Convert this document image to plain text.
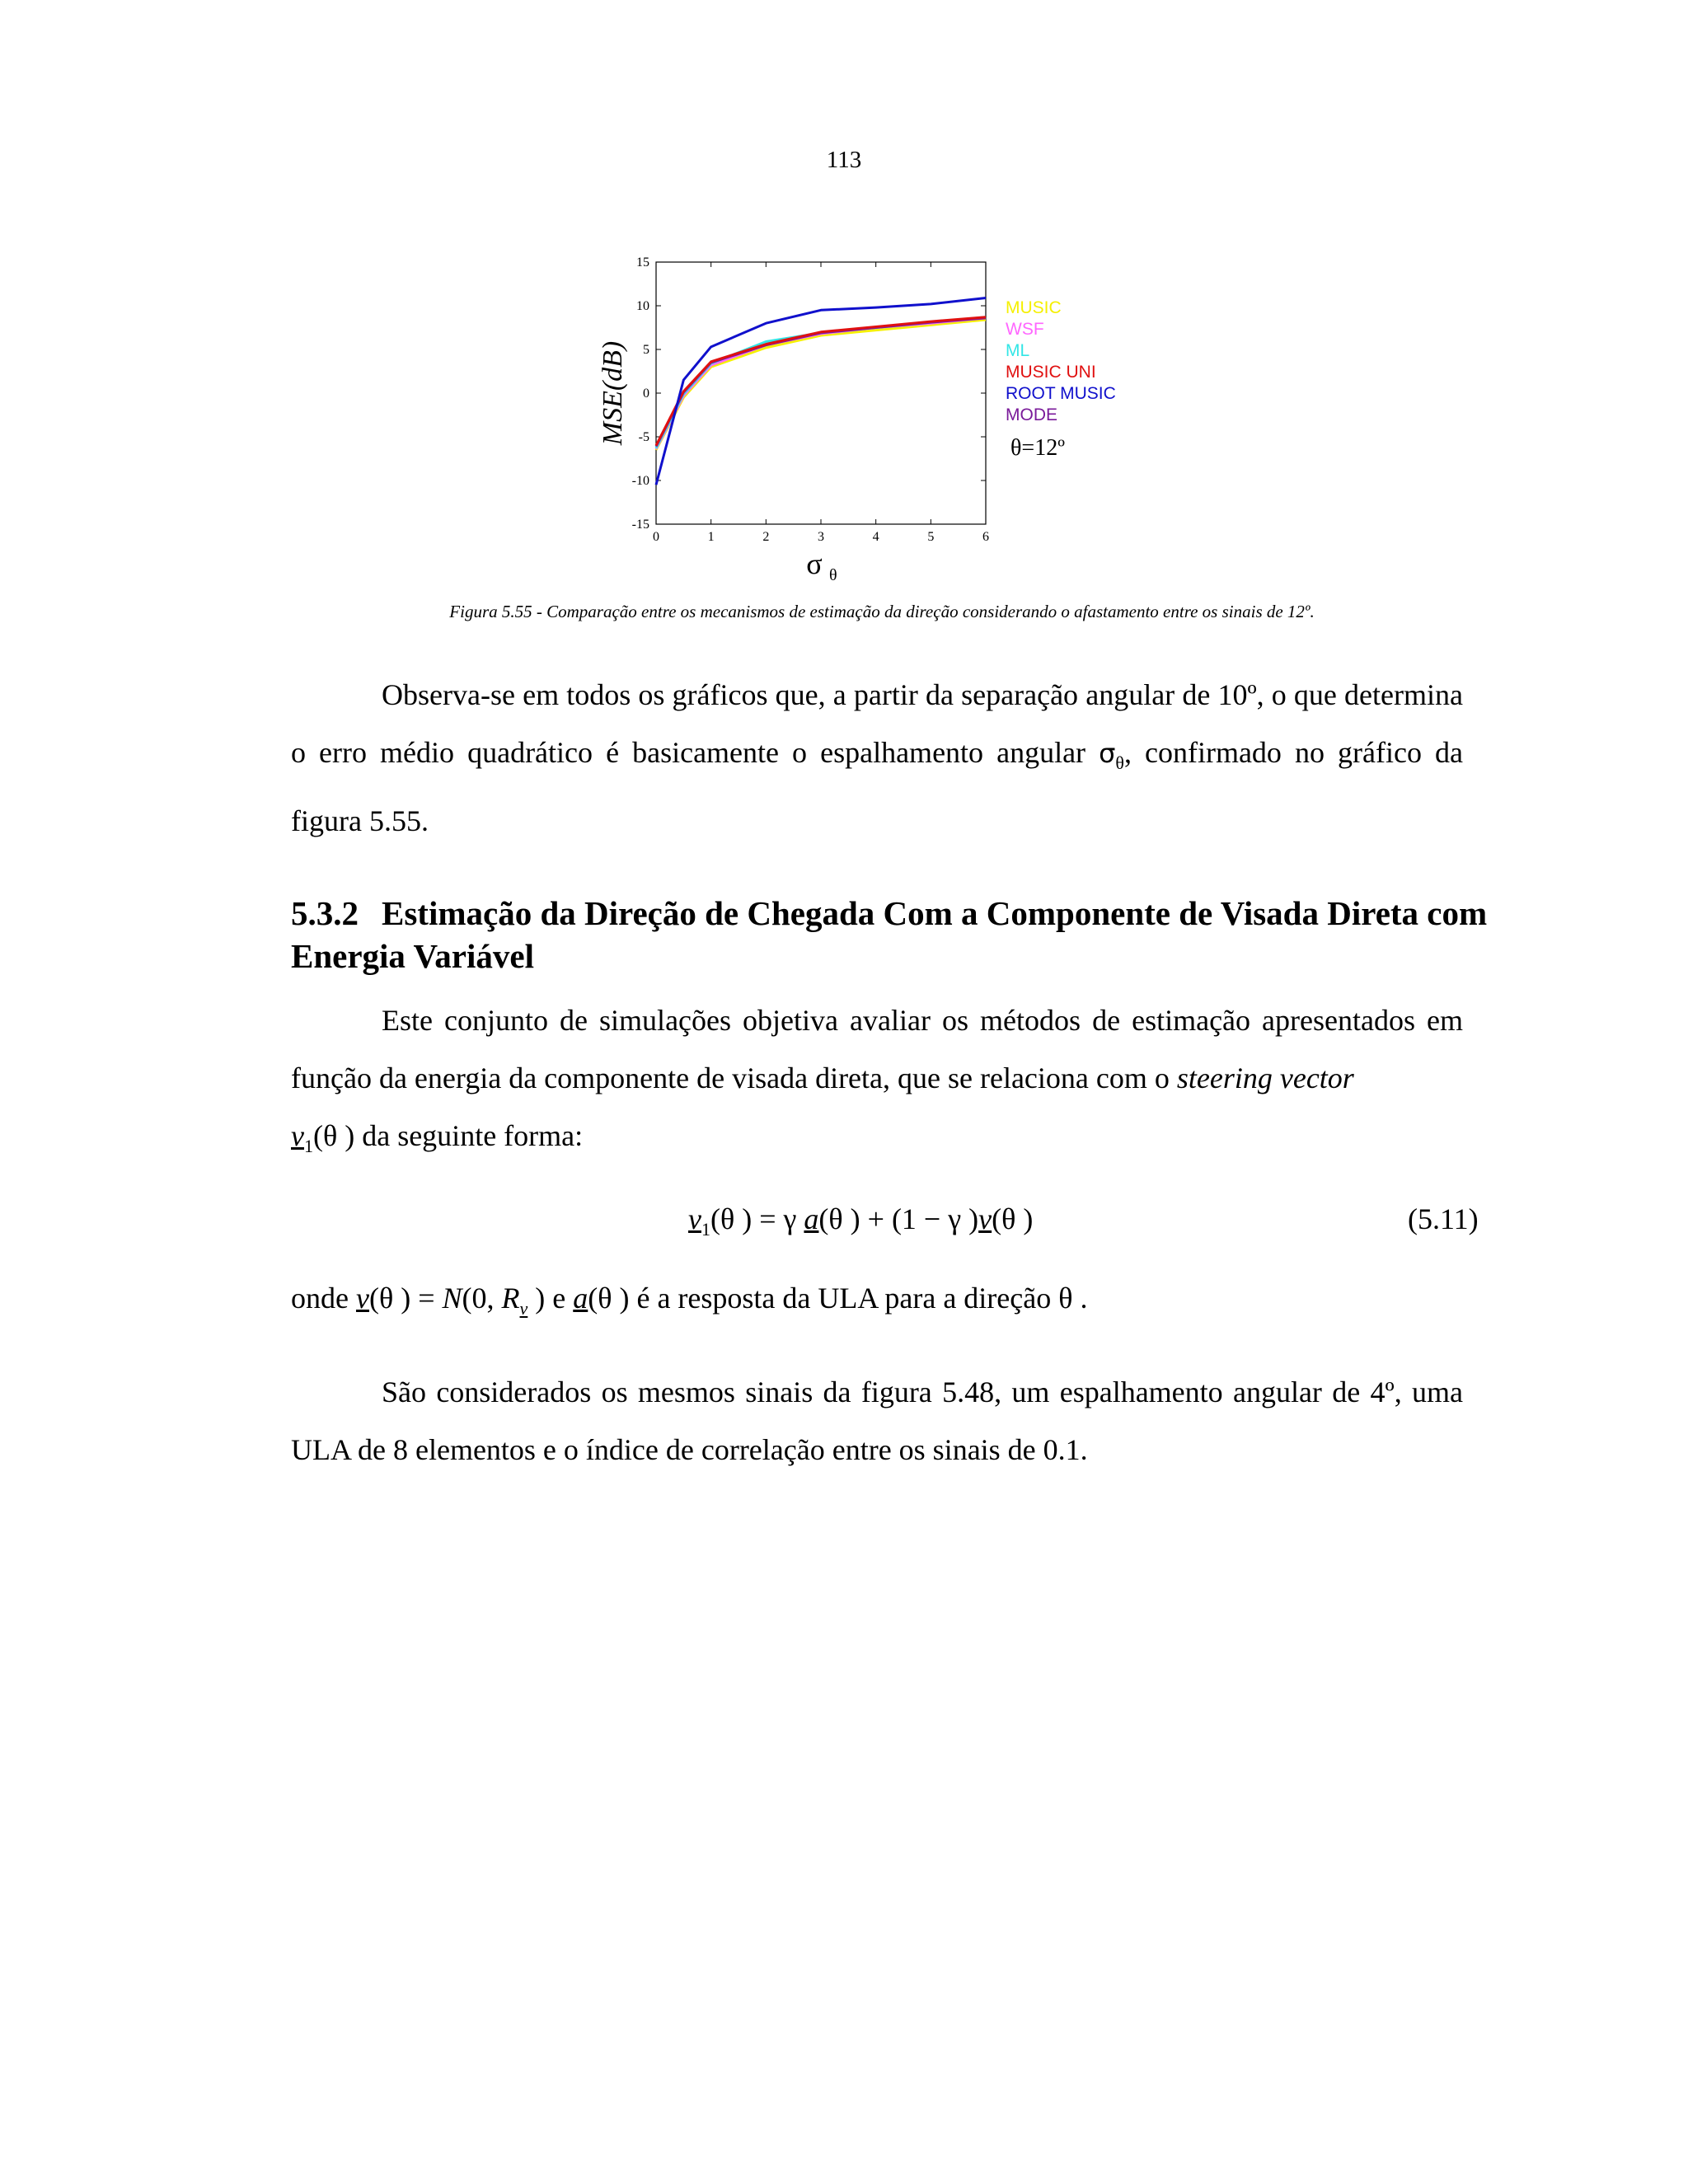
113
0	1	2	3	4	5	6
15
10
5
0
-5
-10
-15
MUSIC
WSF
ML
MUSIC UNI
ROOT MUSIC
MODE
θ=12º
MSE(dB)
σ θ
Figura 5.55 - Comparação entre os mecanismos de estimação da direção considerando o afastamento entre os sinais de 12º.

Observa-se em todos os gráficos que, a partir da separação angular de 10º, o que determina o erro médio quadrático é basicamente o espalhamento angular $\sigma_\theta$, confirmado no gráfico da figura 5.55.

5.3.2 Estimação da Direção de Chegada Com a Componente de Visada Direta com Energia Variável

Este conjunto de simulações objetiva avaliar os métodos de estimação apresentados em função da energia da componente de visada direta, que se relaciona com o steering vector
$v_1(\theta$ ) da seguinte forma:

$v_1(\theta$ ) = γ a(θ ) + (1 − γ )v(θ )	(5.11)

onde v(θ ) = N(0, $R_v$ ) e a(θ ) é a resposta da ULA para a direção θ .

São considerados os mesmos sinais da figura 5.48, um espalhamento angular de 4º, uma ULA de 8 elementos e o índice de correlação entre os sinais de 0.1.
